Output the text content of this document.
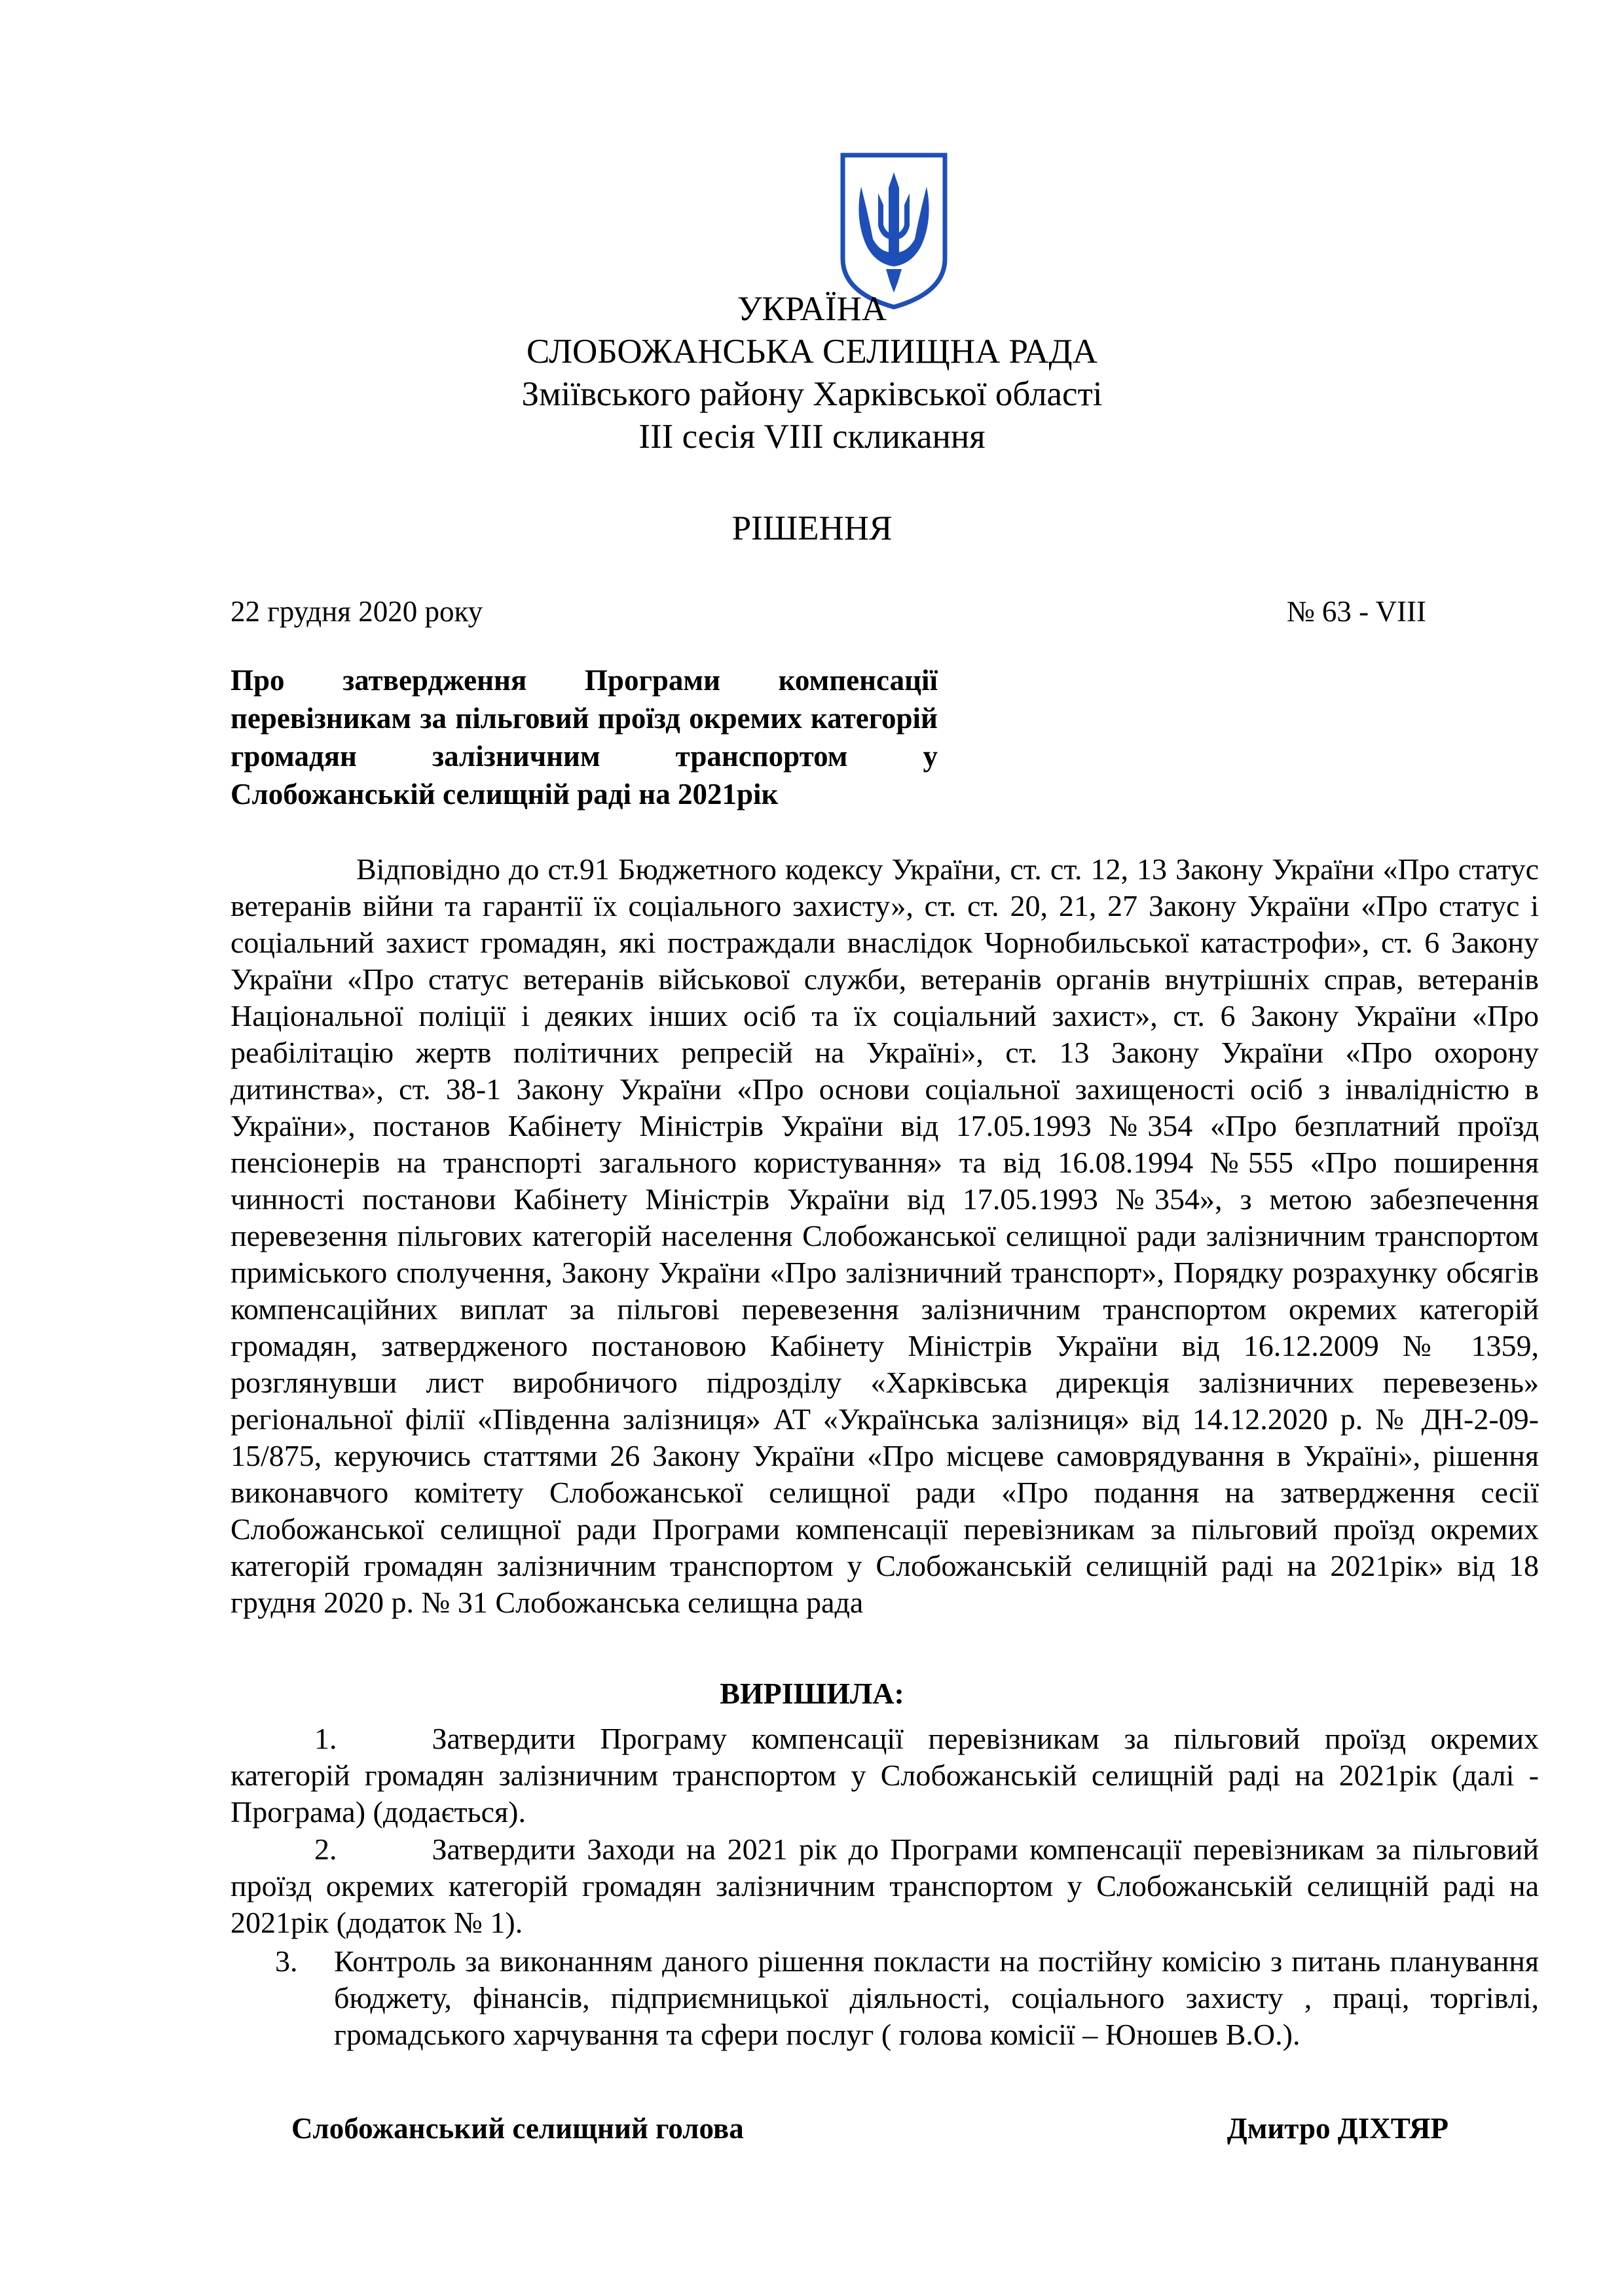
УКРАЇНА
СЛОБОЖАНСЬКА СЕЛИЩНА РАДА
Зміївського району Харківської області
ІІІ сесія VІІІ скликання
РІШЕННЯ
22 грудня 2020 року	№ 63 - VIII
Про затвердження Програми компенсації перевізникам за пільговий проїзд окремих категорій громадян залізничним транспортом у Слобожанській селищній раді на 2021рік

Відповідно до ст.91 Бюджетного кодексу України, ст. ст. 12, 13 Закону України «Про статус ветеранів війни та гарантії їх соціального захисту», ст. ст. 20, 21, 27 Закону України «Про статус і соціальний захист громадян, які постраждали внаслідок Чорнобильської катастрофи», ст. 6 Закону України «Про статус ветеранів військової служби, ветеранів органів внутрішніх справ, ветеранів Національної поліції і деяких інших осіб та їх соціальний захист», ст. 6 Закону України «Про реабілітацію жертв політичних репресій на Україні», ст. 13 Закону України «Про охорону дитинства», ст. 38-1 Закону України «Про основи соціальної захищеності осіб з інвалідністю в України», постанов Кабінету Міністрів України від 17.05.1993 №354 «Про безплатний проїзд пенсіонерів на транспорті загального користування» та від 16.08.1994 №555 «Про поширення чинності постанови Кабінету Міністрів України від 17.05.1993 №354», з метою забезпечення перевезення пільгових категорій населення Слобожанської селищної ради залізничним транспортом приміського сполучення, Закону України «Про залізничний транспорт», Порядку розрахунку обсягів компенсаційних виплат за пільгові перевезення залізничним транспортом окремих категорій громадян, затвердженого постановою Кабінету Міністрів України від 16.12.2009 № 1359, розглянувши лист виробничого підрозділу «Харківська дирекція залізничних перевезень» регіональної філії «Південна залізниця» АТ «Українська залізниця» від 14.12.2020 р. № ДН-2-09-15/875, керуючись статтями 26 Закону України «Про місцеве самоврядування в Україні», рішення виконавчого комітету Слобожанської селищної ради «Про подання на затвердження сесії Слобожанської селищної ради Програми компенсації перевізникам за пільговий проїзд окремих категорій громадян залізничним транспортом у Слобожанській селищній раді на 2021рік» від 18 грудня 2020 р. № 31 Слобожанська селищна рада

ВИРІШИЛА:
1.	Затвердити Програму компенсації перевізникам за пільговий проїзд окремих категорій громадян залізничним транспортом у Слобожанській селищній раді на 2021рік (далі - Програма) (додається).
2.	Затвердити Заходи на 2021 рік до Програми компенсації перевізникам за пільговий проїзд окремих категорій громадян залізничним транспортом у Слобожанській селищній раді на 2021рік (додаток № 1).
3.	Контроль за виконанням даного рішення покласти на постійну комісію з питань планування бюджету, фінансів, підприємницької діяльності, соціального захисту , праці, торгівлі, громадського харчування та сфери послуг ( голова комісії – Юношев В.О.).
Слобожанський селищний голова	Дмитро ДІХТЯР
